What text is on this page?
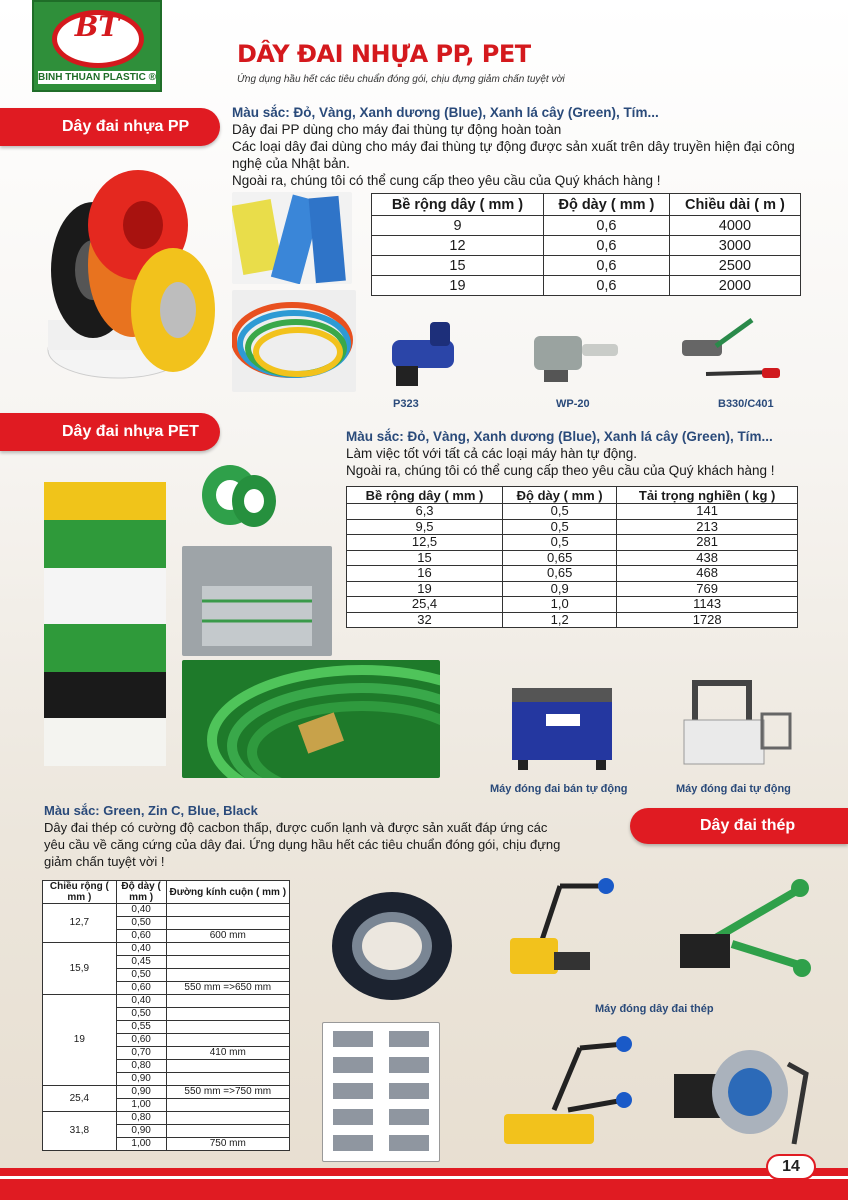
BT
BINH THUAN PLASTIC ®
DÂY ĐAI NHỰA PP, PET
Ứng dụng hầu hết các tiêu chuẩn đóng gói, chịu đựng giảm chấn tuyệt vời
Dây đai nhựa PP
Màu sắc: Đỏ, Vàng, Xanh dương (Blue), Xanh lá cây (Green), Tím...
Dây đai PP dùng cho máy đai thùng tự động hoàn toàn
Các loại dây đai dùng cho máy đai thùng tự động được sản xuất trên dây truyền hiện đại công nghệ của Nhật bản.
Ngoài ra, chúng tôi có thể cung cấp theo yêu cầu của Quý khách hàng !
Bề rộng dây ( mm )	Độ dày ( mm )	Chiều dài ( m )
9	0,6	4000
12	0,6	3000
15	0,6	2500
19	0,6	2000
P323	WP-20	B330/C401
Dây đai nhựa PET	Màu sắc: Đỏ, Vàng, Xanh dương (Blue), Xanh lá cây (Green), Tím...
Làm việc tốt với tất cả các loại máy hàn tự động.
Ngoài ra, chúng tôi có thể cung cấp theo yêu cầu của Quý khách hàng !
Bề rộng dây ( mm )	Độ dày ( mm )	Tải trọng nghiền ( kg )
6,3	0,5	141
9,5	0,5	213
12,5	0,5	281
15	0,65	438
16	0,65	468
19	0,9	769
25,4	1,0	1143
32	1,2	1728
Máy đóng đai bán tự động	Máy đóng đai tự động
Dây đai thép
Màu sắc: Green, Zin C, Blue, Black
Dây đai thép có cường độ cacbon thấp, được cuốn lạnh và được sản xuất đáp ứng các yêu cầu về căng cứng của dây đai. Ứng dụng hầu hết các tiêu chuẩn đóng gói, chịu đựng giảm chấn tuyệt vời !
Chiều rộng ( mm )	Độ dày ( mm )	Đường kính cuộn ( mm )
12,7	0,40	
	0,50	
	0,60	600 mm
15,9	0,40	
	0,45	
	0,50	
	0,60	550 mm =>650 mm
19	0,40	
	0,50	
	0,55	
	0,60	
	0,70	410 mm
	0,80	
	0,90	
25,4	0,90	550 mm =>750 mm
	1,00	
31,8	0,80	
	0,90	
	1,00	750 mm
Máy đóng dây đai thép
14
